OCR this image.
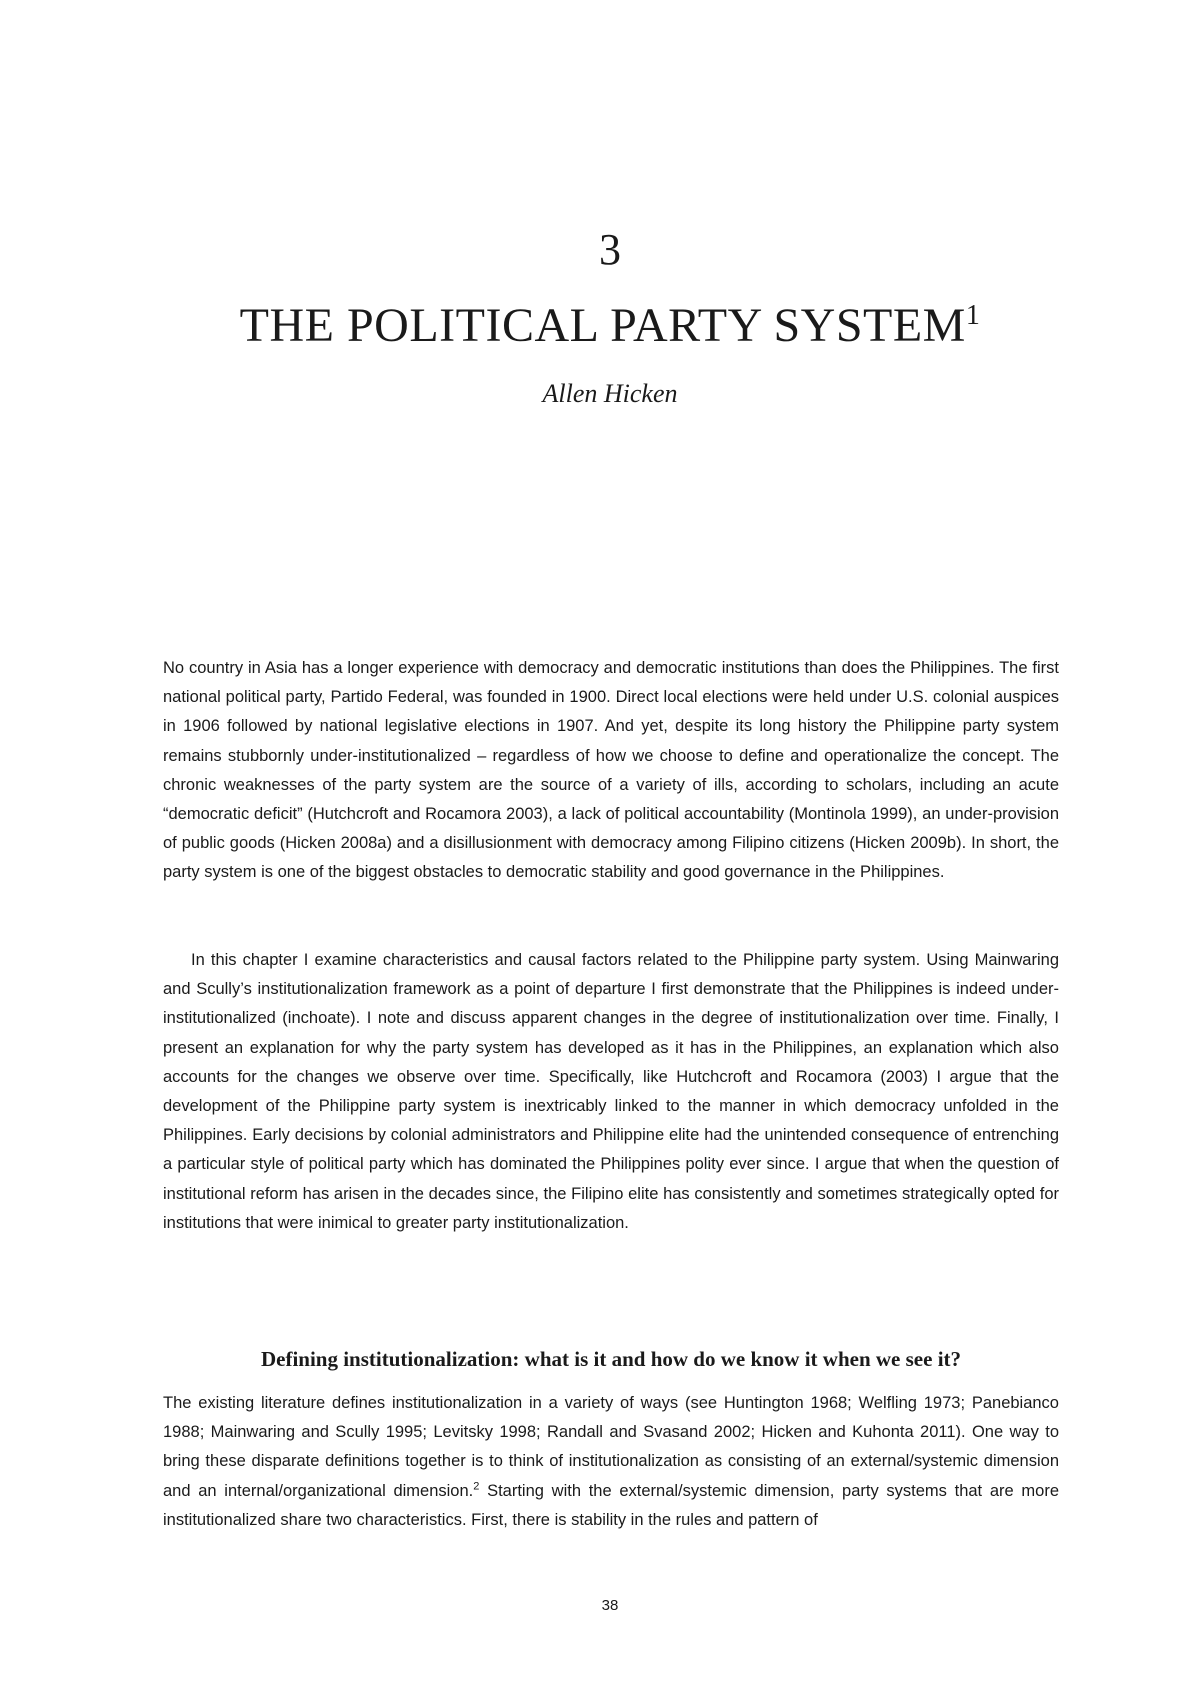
3
THE POLITICAL PARTY SYSTEM$^1$

Allen Hicken

No country in Asia has a longer experience with democracy and democratic institutions than does the Philippines. The first national political party, Partido Federal, was founded in 1900. Direct local elections were held under U.S. colonial auspices in 1906 followed by national legislative elections in 1907. And yet, despite its long history the Philippine party system remains stubbornly under-institutionalized – regardless of how we choose to define and operationalize the concept. The chronic weaknesses of the party system are the source of a variety of ills, according to scholars, including an acute “democratic deficit” (Hutchcroft and Rocamora 2003), a lack of political accountability (Montinola 1999), an under-provision of public goods (Hicken 2008a) and a disillusionment with democracy among Filipino citizens (Hicken 2009b). In short, the party system is one of the biggest obstacles to democratic stability and good governance in the Philippines.

In this chapter I examine characteristics and causal factors related to the Philippine party system. Using Mainwaring and Scully’s institutionalization framework as a point of departure I first demonstrate that the Philippines is indeed under-institutionalized (inchoate). I note and discuss apparent changes in the degree of institutionalization over time. Finally, I present an explanation for why the party system has developed as it has in the Philippines, an explanation which also accounts for the changes we observe over time. Specifically, like Hutchcroft and Rocamora (2003) I argue that the development of the Philippine party system is inextricably linked to the manner in which democracy unfolded in the Philippines. Early decisions by colonial administrators and Philippine elite had the unintended consequence of entrenching a particular style of political party which has dominated the Philippines polity ever since. I argue that when the question of institutional reform has arisen in the decades since, the Filipino elite has consistently and sometimes strategically opted for institutions that were inimical to greater party institutionalization.

Defining institutionalization: what is it and how do we know it when we see it?

The existing literature defines institutionalization in a variety of ways (see Huntington 1968; Welfling 1973; Panebianco 1988; Mainwaring and Scully 1995; Levitsky 1998; Randall and Svasand 2002; Hicken and Kuhonta 2011). One way to bring these disparate definitions together is to think of institutionalization as consisting of an external/systemic dimension and an internal/organizational dimension.$^2$ Starting with the external/systemic dimension, party systems that are more institutionalized share two characteristics. First, there is stability in the rules and pattern of

38
